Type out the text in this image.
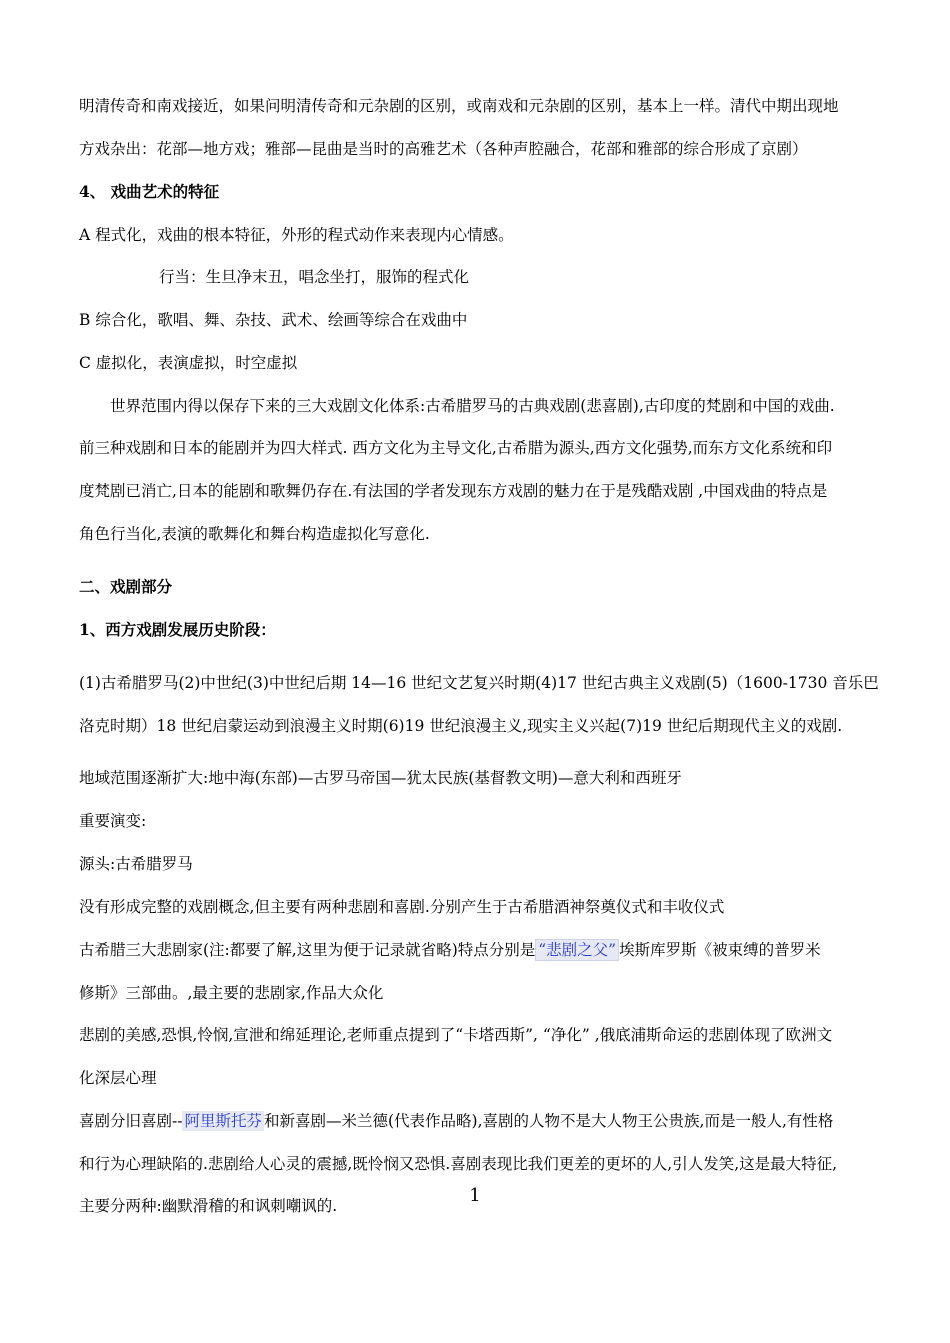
明清传奇和南戏接近，如果问明清传奇和元杂剧的区别，或南戏和元杂剧的区别，基本上一样。清代中期出现地
方戏杂出：花部—地方戏；雅部—昆曲是当时的高雅艺术（各种声腔融合，花部和雅部的综合形成了京剧）
4、 戏曲艺术的特征
A 程式化，戏曲的根本特征，外形的程式动作来表现内心情感。
行当：生旦净末丑，唱念坐打，服饰的程式化
B 综合化，歌唱、舞、杂技、武术、绘画等综合在戏曲中
C 虚拟化，表演虚拟，时空虚拟
世界范围内得以保存下来的三大戏剧文化体系:古希腊罗马的古典戏剧(悲喜剧),古印度的梵剧和中国的戏曲.
前三种戏剧和日本的能剧并为四大样式. 西方文化为主导文化,古希腊为源头,西方文化强势,而东方文化系统和印
度梵剧已消亡,日本的能剧和歌舞仍存在.有法国的学者发现东方戏剧的魅力在于是残酷戏剧 ,中国戏曲的特点是
角色行当化,表演的歌舞化和舞台构造虚拟化写意化.
二、戏剧部分
1、西方戏剧发展历史阶段：
(1)古希腊罗马(2)中世纪(3)中世纪后期 14—16 世纪文艺复兴时期(4)17 世纪古典主义戏剧(5)（1600-1730 音乐巴
洛克时期）18 世纪启蒙运动到浪漫主义时期(6)19 世纪浪漫主义,现实主义兴起(7)19 世纪后期现代主义的戏剧.
地域范围逐渐扩大:地中海(东部)—古罗马帝国—犹太民族(基督教文明)—意大利和西班牙
重要演变:
源头:古希腊罗马
没有形成完整的戏剧概念,但主要有两种悲剧和喜剧.分别产生于古希腊酒神祭奠仪式和丰收仪式
古希腊三大悲剧家(注:都要了解,这里为便于记录就省略)特点分别是 “悲剧之父” 埃斯库罗斯《被束缚的普罗米
修斯》三部曲。,最主要的悲剧家,作品大众化
悲剧的美感,恐惧,怜悯,宣泄和绵延理论,老师重点提到了“卡塔西斯”, “净化” ,俄底浦斯命运的悲剧体现了欧洲文
化深层心理
喜剧分旧喜剧-- 阿里斯托芬 和新喜剧—米兰德(代表作品略),喜剧的人物不是大人物王公贵族,而是一般人,有性格
和行为心理缺陷的.悲剧给人心灵的震撼,既怜悯又恐惧.喜剧表现比我们更差的更坏的人,引人发笑,这是最大特征,
主要分两种:幽默滑稽的和讽刺嘲讽的.	1
